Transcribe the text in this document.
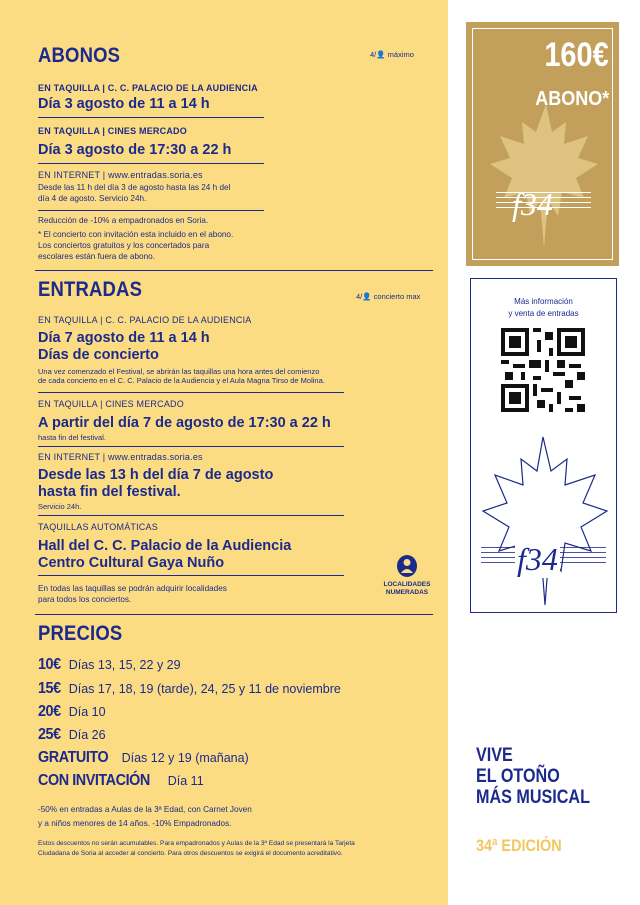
ABONOS	4/👤 máximo
EN TAQUILLA | C. C. PALACIO DE LA AUDIENCIA
Día 3 agosto de 11 a 14 h
EN TAQUILLA | CINES MERCADO
Día 3 agosto de 17:30 a 22 h
EN INTERNET | www.entradas.soria.es
Desde las 11 h del día 3 de agosto hasta las 24 h del
día 4 de agosto. Servicio 24h.
Reducción de -10% a empadronados en Soria.
* El concierto con invitación esta incluido en el abono.
Los conciertos gratuitos y los concertados para
escolares están fuera de abono.
ENTRADAS	4/👤 concierto max
EN TAQUILLA | C. C. PALACIO DE LA AUDIENCIA
Día 7 agosto de 11 a 14 h
Días de concierto
Una vez comenzado el Festival, se abrirán las taquillas una hora antes del comienzo
de cada concierto en el C. C. Palacio de la Audiencia y el Aula Magna Tirso de Molina.
EN TAQUILLA | CINES MERCADO
A partir del día 7 de agosto de 17:30 a 22 h
hasta fin del festival.
EN INTERNET | www.entradas.soria.es
Desde las 13 h del día 7 de agosto
hasta fin del festival.
Servicio 24h.
TAQUILLAS AUTOMÁTICAS
Hall del C. C. Palacio de la Audiencia
Centro Cultural Gaya Nuño
En todas las taquillas se podrán adquirir localidades
para todos los conciertos.
LOCALIDADES
NUMERADAS
PRECIOS
10€ Días 13, 15, 22 y 29
15€ Días 17, 18, 19 (tarde), 24, 25 y 11 de noviembre
20€ Día 10
25€ Día 26
GRATUITO Días 12 y 19 (mañana)
CON INVITACIÓN Día 11
-50% en entradas a Aulas de la 3ª Edad, con Carnet Joven
y a niños menores de 14 años. -10% Empadronados.
Estos descuentos no serán acumulables. Para empadronados y Aulas de la 3ª Edad se presentará la Tarjeta
Ciudadana de Soria al acceder al concierto. Para otros descuentos se exigirá el documento acreditativo.
f34
160€
ABONO*
Más información
y venta de entradas
f34
VIVE
EL OTOÑO
MÁS MUSICAL
34ª EDICIÓN
